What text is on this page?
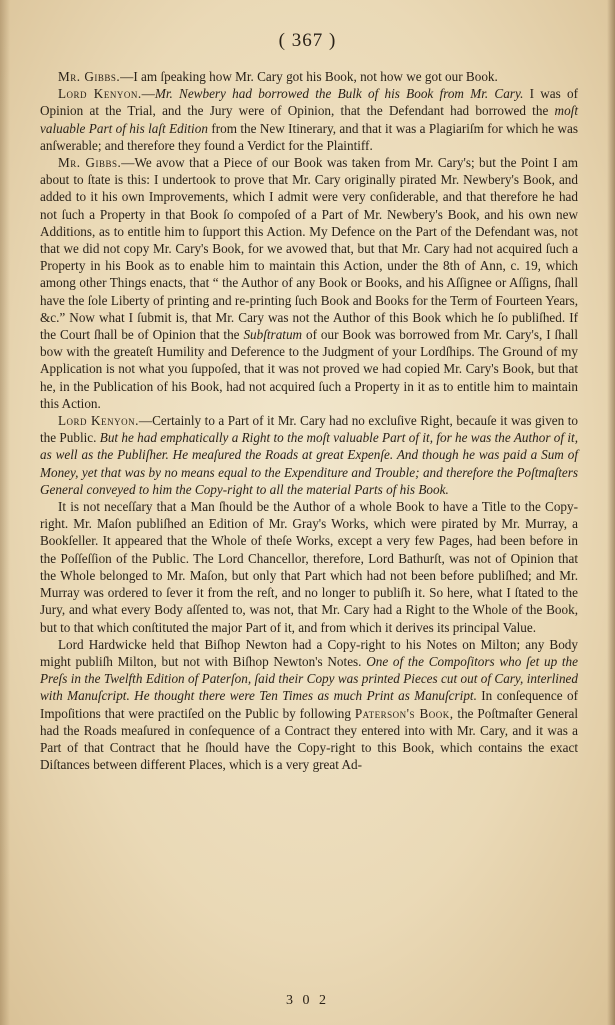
( 367 )

Mr. Gibbs.—I am ſpeaking how Mr. Cary got his Book, not how we got our Book.

Lord Kenyon.—Mr. Newbery had borrowed the Bulk of his Book from Mr. Cary. I was of Opinion at the Trial, and the Jury were of Opinion, that the Defendant had borrowed the moſt valuable Part of his laſt Edition from the New Itinerary, and that it was a Plagiariſm for which he was anſwerable; and therefore they found a Verdict for the Plaintiff.

Mr. Gibbs.—We avow that a Piece of our Book was taken from Mr. Cary's; but the Point I am about to ſtate is this: I undertook to prove that Mr. Cary originally pirated Mr. Newbery's Book, and added to it his own Improvements, which I admit were very conſiderable, and that therefore he had not ſuch a Property in that Book ſo compoſed of a Part of Mr. Newbery's Book, and his own new Additions, as to entitle him to ſupport this Action. My Defence on the Part of the Defendant was, not that we did not copy Mr. Cary's Book, for we avowed that, but that Mr. Cary had not acquired ſuch a Property in his Book as to enable him to maintain this Action, under the 8th of Ann, c. 19, which among other Things enacts, that “ the Author of any Book or Books, and his Aſſignee or Aſſigns, ſhall have the ſole Liberty of printing and re-printing ſuch Book and Books for the Term of Fourteen Years, &c.” Now what I ſubmit is, that Mr. Cary was not the Author of this Book which he ſo publiſhed. If the Court ſhall be of Opinion that the Subſtratum of our Book was borrowed from Mr. Cary's, I ſhall bow with the greateſt Humility and Deference to the Judgment of your Lordſhips. The Ground of my Application is not what you ſuppoſed, that it was not proved we had copied Mr. Cary's Book, but that he, in the Publication of his Book, had not acquired ſuch a Property in it as to entitle him to maintain this Action.

Lord Kenyon.—Certainly to a Part of it Mr. Cary had no excluſive Right, becauſe it was given to the Public. But he had emphatically a Right to the moſt valuable Part of it, for he was the Author of it, as well as the Publiſher. He meaſured the Roads at great Expenſe. And though he was paid a Sum of Money, yet that was by no means equal to the Expenditure and Trouble; and therefore the Poſtmaſters General conveyed to him the Copy-right to all the material Parts of his Book.

It is not neceſſary that a Man ſhould be the Author of a whole Book to have a Title to the Copy-right. Mr. Maſon publiſhed an Edition of Mr. Gray's Works, which were pirated by Mr. Murray, a Bookſeller. It appeared that the Whole of theſe Works, except a very few Pages, had been before in the Poſſeſſion of the Public. The Lord Chancellor, therefore, Lord Bathurſt, was not of Opinion that the Whole belonged to Mr. Maſon, but only that Part which had not been before publiſhed; and Mr. Murray was ordered to ſever it from the reſt, and no longer to publiſh it. So here, what I ſtated to the Jury, and what every Body aſſented to, was not, that Mr. Cary had a Right to the Whole of the Book, but to that which conſtituted the major Part of it, and from which it derives its principal Value.

Lord Hardwicke held that Biſhop Newton had a Copy-right to his Notes on Milton; any Body might publiſh Milton, but not with Biſhop Newton's Notes. One of the Compoſitors who ſet up the Preſs in the Twelfth Edition of Paterſon, ſaid their Copy was printed Pieces cut out of Cary, interlined with Manuſcript. He thought there were Ten Times as much Print as Manuſcript. In conſequence of Impoſitions that were practiſed on the Public by following Paterson's Book, the Poſtmaſter General had the Roads meaſured in conſequence of a Contract they entered into with Mr. Cary, and it was a Part of that Contract that he ſhould have the Copy-right to this Book, which contains the exact Diſtances between different Places, which is a very great Ad-

3 0 2
